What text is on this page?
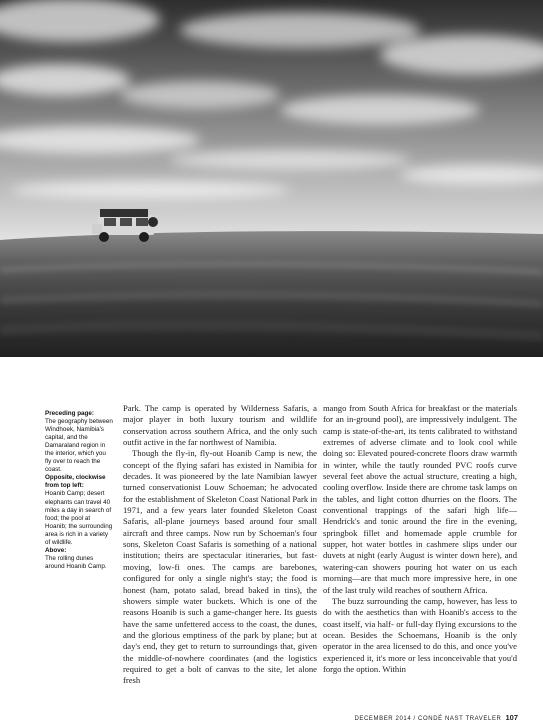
Preceding page:
The geography between Windhoek, Namibia's capital, and the Damaraland region in the interior, which you fly over to reach the coast.
Opposite, clockwise from top left:
Hoanib Camp; desert elephants can travel 40 miles a day in search of food; the pool at Hoanib; the surrounding area is rich in a variety of wildlife.
Above:
The rolling dunes around Hoanib Camp.

Park. The camp is operated by Wilderness Safaris, a major player in both luxury tourism and wildlife conservation across southern Africa, and the only such outfit active in the far northwest of Namibia.

Though the fly-in, fly-out Hoanib Camp is new, the concept of the flying safari has existed in Namibia for decades. It was pioneered by the late Namibian lawyer turned conservationist Louw Schoeman; he advocated for the establishment of Skeleton Coast National Park in 1971, and a few years later founded Skeleton Coast Safaris, all-plane journeys based around four small aircraft and three camps. Now run by Schoeman's four sons, Skeleton Coast Safaris is something of a national institution; theirs are spectacular itineraries, but fast-moving, low-fi ones. The camps are barebones, configured for only a single night's stay; the food is honest (ham, potato salad, bread baked in tins), the showers simple water buckets. Which is one of the reasons Hoanib is such a game-changer here. Its guests have the same unfettered access to the coast, the dunes, and the glorious emptiness of the park by plane; but at day's end, they get to return to surroundings that, given the middle-of-nowhere coordinates (and the logistics required to get a bolt of canvas to the site, let alone fresh

mango from South Africa for breakfast or the materials for an in-ground pool), are impressively indulgent. The camp is state-of-the-art, its tents calibrated to withstand extremes of adverse climate and to look cool while doing so: Elevated poured-concrete floors draw warmth in winter, while the tautly rounded PVC roofs curve several feet above the actual structure, creating a high, cooling overflow. Inside there are chrome task lamps on the tables, and light cotton dhurries on the floors. The conventional trappings of the safari high life—Hendrick's and tonic around the fire in the evening, springbok fillet and homemade apple crumble for supper, hot water bottles in cashmere slips under our duvets at night (early August is winter down here), and watering-can showers pouring hot water on us each morning—are that much more impressive here, in one of the last truly wild reaches of southern Africa.

The buzz surrounding the camp, however, has less to do with the aesthetics than with Hoanib's access to the coast itself, via half- or full-day flying excursions to the ocean. Besides the Schoemans, Hoanib is the only operator in the area licensed to do this, and once you've experienced it, it's more or less inconceivable that you'd forgo the option. Within

DECEMBER 2014 / CONDÉ NAST TRAVELER 107
